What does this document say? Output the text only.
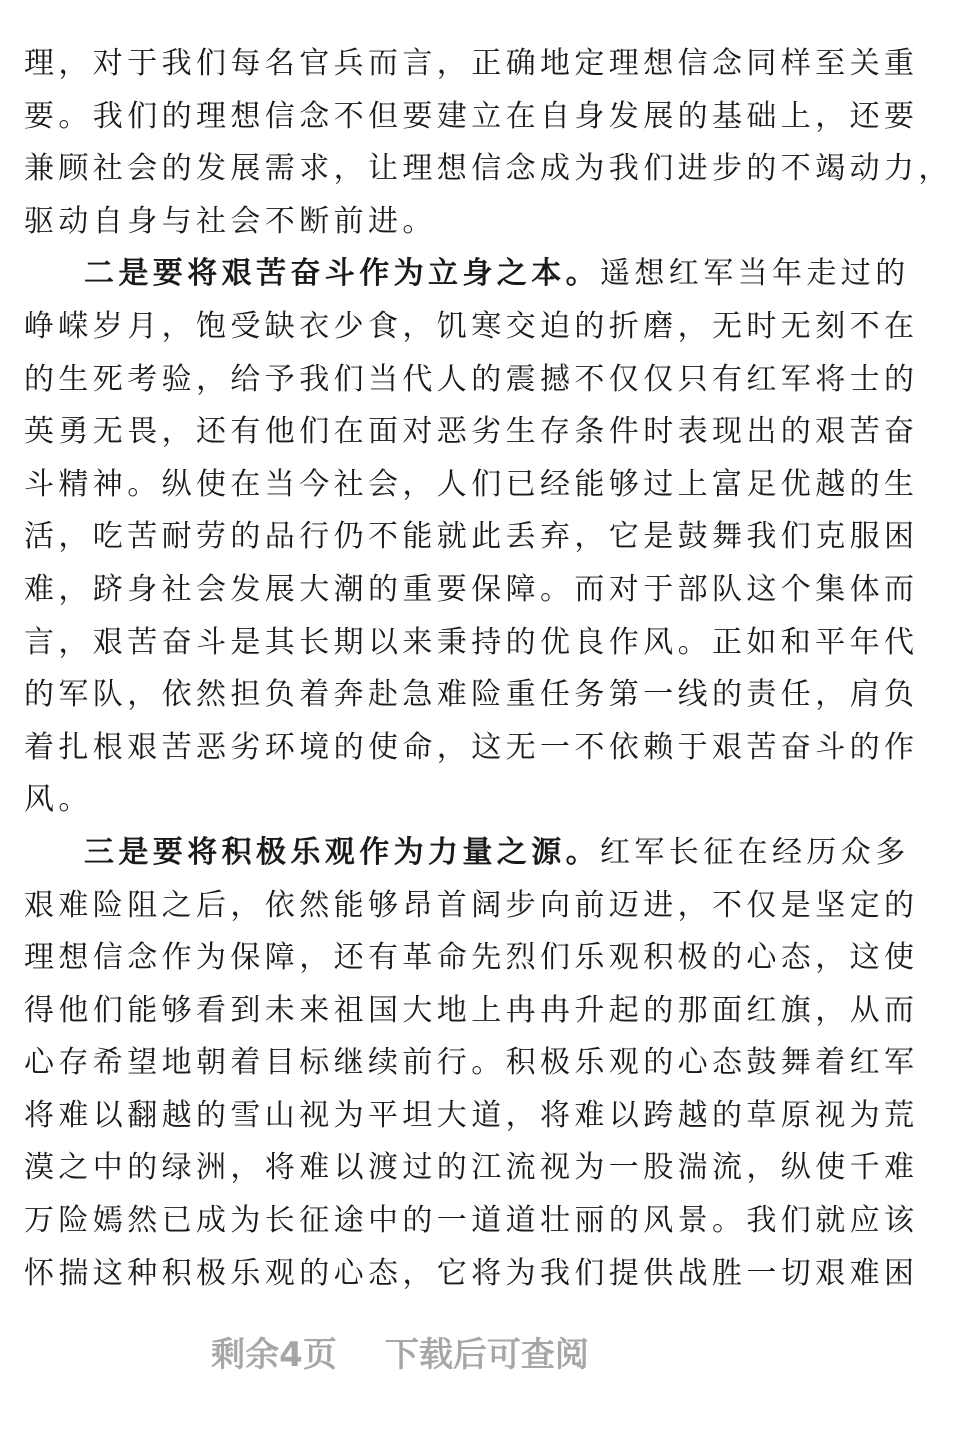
理，对于我们每名官兵而言，正确地定理想信念同样至关重
要。我们的理想信念不但要建立在自身发展的基础上，还要
兼顾社会的发展需求，让理想信念成为我们进步的不竭动力，
驱动自身与社会不断前进。
二是要将艰苦奋斗作为立身之本。遥想红军当年走过的
峥嵘岁月，饱受缺衣少食，饥寒交迫的折磨，无时无刻不在
的生死考验，给予我们当代人的震撼不仅仅只有红军将士的
英勇无畏，还有他们在面对恶劣生存条件时表现出的艰苦奋
斗精神。纵使在当今社会，人们已经能够过上富足优越的生
活，吃苦耐劳的品行仍不能就此丢弃，它是鼓舞我们克服困
难，跻身社会发展大潮的重要保障。而对于部队这个集体而
言，艰苦奋斗是其长期以来秉持的优良作风。正如和平年代
的军队，依然担负着奔赴急难险重任务第一线的责任，肩负
着扎根艰苦恶劣环境的使命，这无一不依赖于艰苦奋斗的作
风。
三是要将积极乐观作为力量之源。红军长征在经历众多
艰难险阻之后，依然能够昂首阔步向前迈进，不仅是坚定的
理想信念作为保障，还有革命先烈们乐观积极的心态，这使
得他们能够看到未来祖国大地上冉冉升起的那面红旗，从而
心存希望地朝着目标继续前行。积极乐观的心态鼓舞着红军
将难以翻越的雪山视为平坦大道，将难以跨越的草原视为荒
漠之中的绿洲，将难以渡过的江流视为一股湍流，纵使千难
万险嫣然已成为长征途中的一道道壮丽的风景。我们就应该
怀揣这种积极乐观的心态，它将为我们提供战胜一切艰难困
剩余4页 下载后可查阅
